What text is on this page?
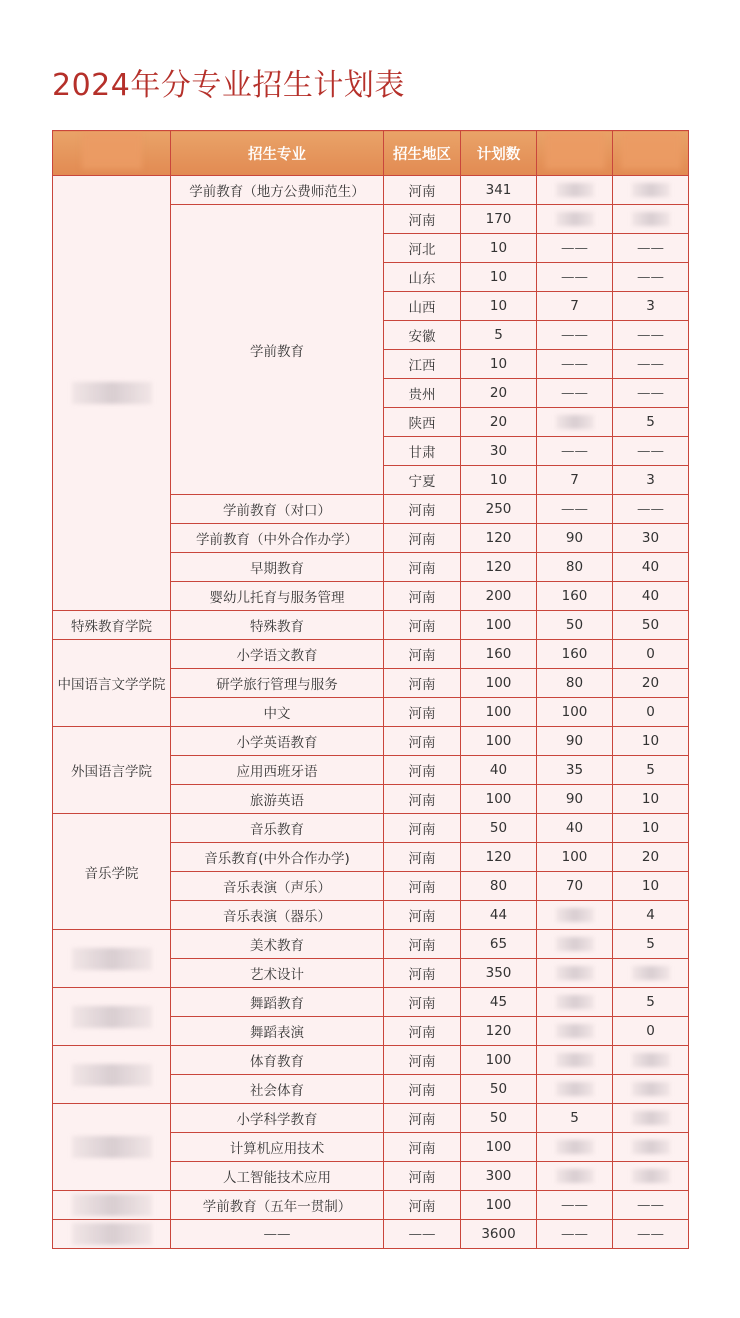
2024年分专业招生计划表
	招生专业	招生地区	计划数		
	学前教育（地方公费师范生）	河南	341		
	学前教育	河南	170		
		河北	10	——	——
		山东	10	——	——
		山西	10	7	3
		安徽	5	——	——
		江西	10	——	——
		贵州	20	——	——
		陕西	20		5
		甘肃	30	——	——
		宁夏	10	7	3
	学前教育（对口）	河南	250	——	——
	学前教育（中外合作办学）	河南	120	90	30
	早期教育	河南	120	80	40
	婴幼儿托育与服务管理	河南	200	160	40
特殊教育学院	特殊教育	河南	100	50	50
中国语言文学学院	小学语文教育	河南	160	160	0
	研学旅行管理与服务	河南	100	80	20
	中文	河南	100	100	0
外国语言学院	小学英语教育	河南	100	90	10
	应用西班牙语	河南	40	35	5
	旅游英语	河南	100	90	10
音乐学院	音乐教育	河南	50	40	10
	音乐教育(中外合作办学)	河南	120	100	20
	音乐表演（声乐）	河南	80	70	10
	音乐表演（器乐）	河南	44		4
	美术教育	河南	65		5
	艺术设计	河南	350		
	舞蹈教育	河南	45		5
	舞蹈表演	河南	120		0
	体育教育	河南	100		
	社会体育	河南	50		
	小学科学教育	河南	50	5	
	计算机应用技术	河南	100		
	人工智能技术应用	河南	300		
	学前教育（五年一贯制）	河南	100	——	——
	——	——	3600	——	——
